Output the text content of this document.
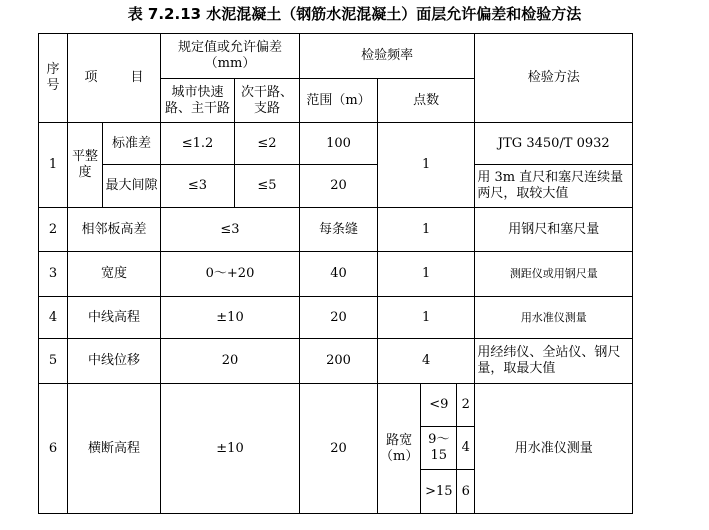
表 7.2.13 水泥混凝土（钢筋水泥混凝土）面层允许偏差和检验方法
序号	项 目		规定值或允许偏差（mm）		检验频率				检验方法
			城市快速路、主干路	次干路、支路	范围（m）	点数			
1	平整度	标准差	≤1.2	≤2	100	1			JTG 3450/T 0932
		最大间隙	≤3	≤5	20				用 3m 直尺和塞尺连续量两尺，取较大值
2	相邻板高差		≤3		每条缝	1			用钢尺和塞尺量
3	宽度		0～+20		40	1			测距仪或用钢尺量
4	中线高程		±10		20	1			用水准仪测量
5	中线位移		20		200	4			用经纬仪、全站仪、钢尺量，取最大值
6	横断高程		±10		20	路宽（m）	<9	2	用水准仪测量
							9～15	4	
							>15	6	
